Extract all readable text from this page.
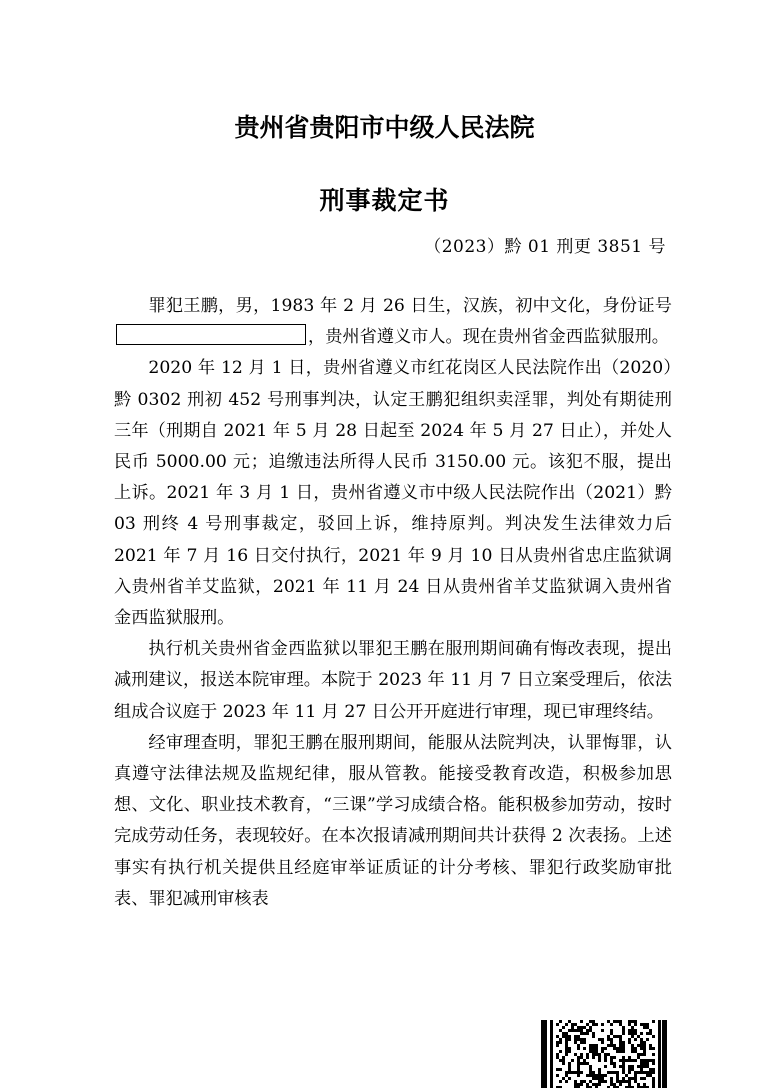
贵州省贵阳市中级人民法院
刑事裁定书
（2023）黔 01 刑更 3851 号

罪犯王鹏，男，1983 年 2 月 26 日生，汉族，初中文化，身份证号，贵州省遵义市人。现在贵州省金西监狱服刑。

2020 年 12 月 1 日，贵州省遵义市红花岗区人民法院作出（2020）黔 0302 刑初 452 号刑事判决，认定王鹏犯组织卖淫罪，判处有期徒刑三年（刑期自 2021 年 5 月 28 日起至 2024 年 5 月 27 日止），并处人民币 5000.00 元；追缴违法所得人民币 3150.00 元。该犯不服，提出上诉。2021 年 3 月 1 日，贵州省遵义市中级人民法院作出（2021）黔 03 刑终 4 号刑事裁定，驳回上诉，维持原判。判决发生法律效力后 2021 年 7 月 16 日交付执行，2021 年 9 月 10 日从贵州省忠庄监狱调入贵州省羊艾监狱，2021 年 11 月 24 日从贵州省羊艾监狱调入贵州省金西监狱服刑。

执行机关贵州省金西监狱以罪犯王鹏在服刑期间确有悔改表现，提出减刑建议，报送本院审理。本院于 2023 年 11 月 7 日立案受理后，依法组成合议庭于 2023 年 11 月 27 日公开开庭进行审理，现已审理终结。

经审理查明，罪犯王鹏在服刑期间，能服从法院判决，认罪悔罪，认真遵守法律法规及监规纪律，服从管教。能接受教育改造，积极参加思想、文化、职业技术教育，“三课”学习成绩合格。能积极参加劳动，按时完成劳动任务，表现较好。在本次报请减刑期间共计获得 2 次表扬。上述事实有执行机关提供且经庭审举证质证的计分考核、罪犯行政奖励审批表、罪犯减刑审核表
